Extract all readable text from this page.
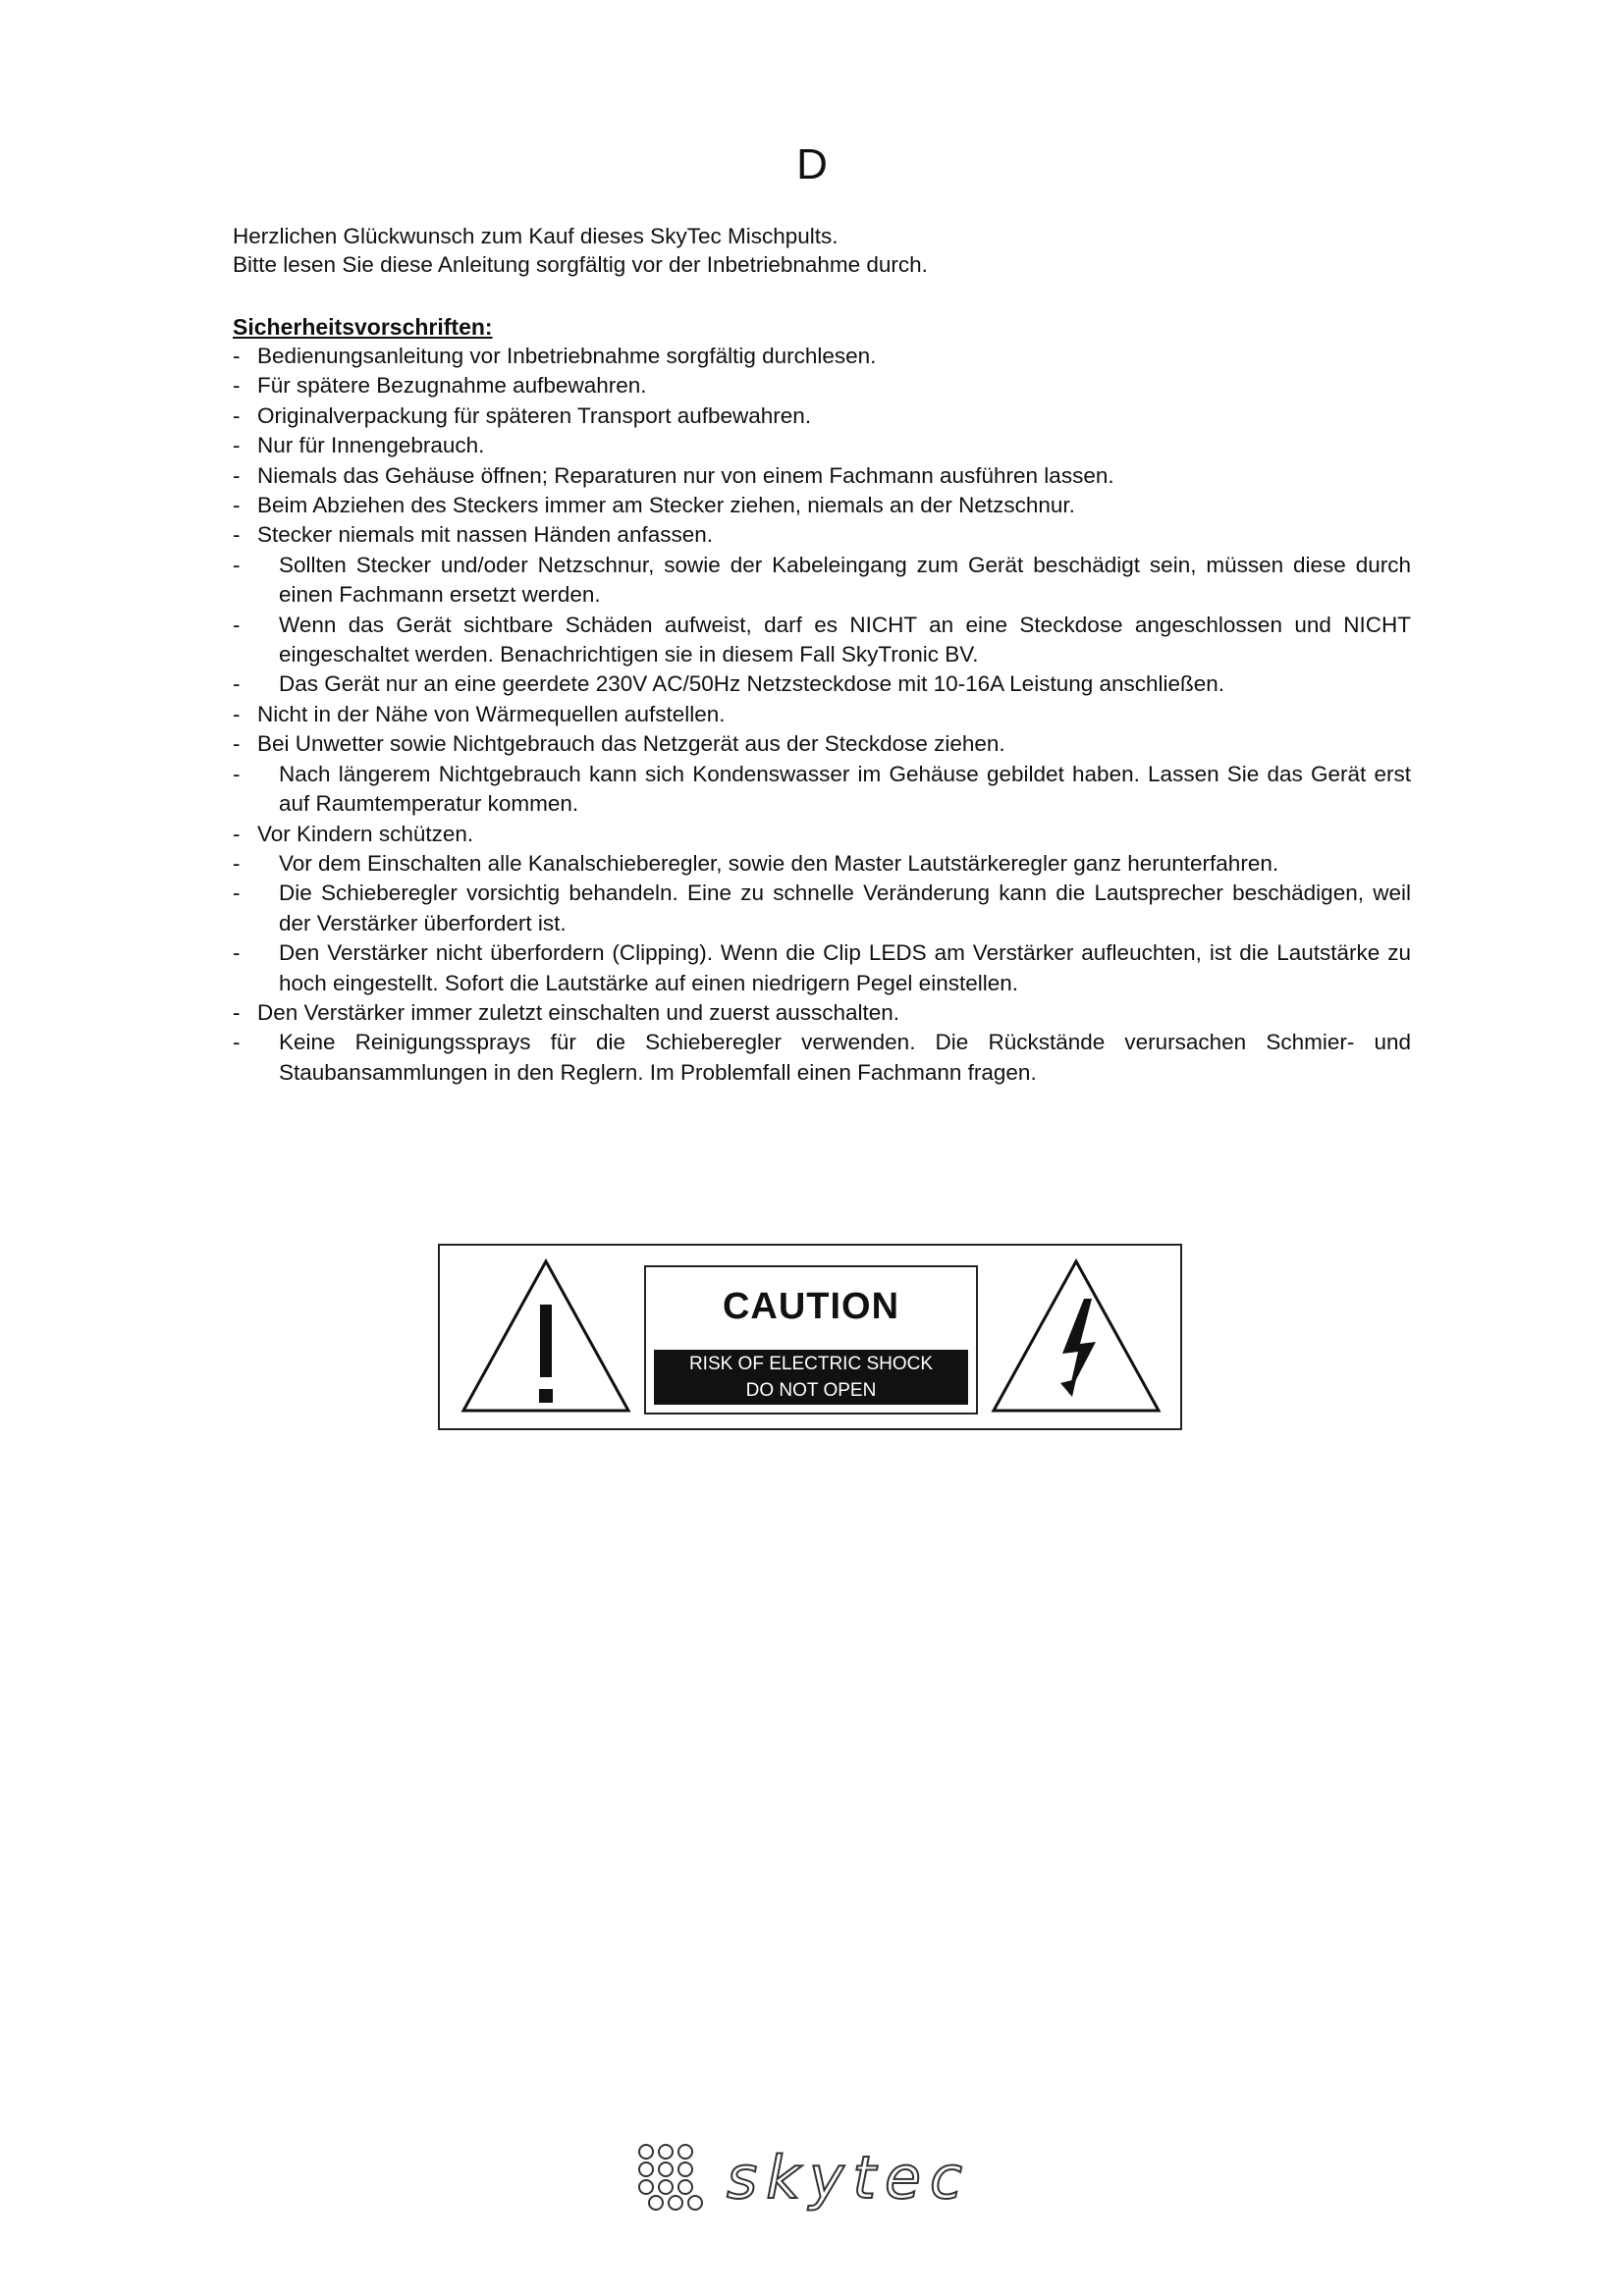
D

Herzlichen Glückwunsch zum Kauf dieses SkyTec Mischpults.

Bitte lesen Sie diese Anleitung sorgfältig vor der Inbetriebnahme durch.

Sicherheitsvorschriften:
- Bedienungsanleitung vor Inbetriebnahme sorgfältig durchlesen.
- Für spätere Bezugnahme aufbewahren.
- Originalverpackung für späteren Transport aufbewahren.
- Nur für Innengebrauch.
- Niemals das Gehäuse öffnen; Reparaturen nur von einem Fachmann ausführen lassen.
- Beim Abziehen des Steckers immer am Stecker ziehen, niemals an der Netzschnur.
- Stecker niemals mit nassen Händen anfassen.
-	Sollten Stecker und/oder Netzschnur, sowie der Kabeleingang zum Gerät beschädigt sein, müssen diese durch einen Fachmann ersetzt werden.
-	Wenn das Gerät sichtbare Schäden aufweist, darf es NICHT an eine Steckdose angeschlossen und NICHT eingeschaltet werden. Benachrichtigen sie in diesem Fall SkyTronic BV.
-	Das Gerät nur an eine geerdete 230V AC/50Hz Netzsteckdose mit 10-16A Leistung anschließen.
- Nicht in der Nähe von Wärmequellen aufstellen.
- Bei Unwetter sowie Nichtgebrauch das Netzgerät aus der Steckdose ziehen.
-	Nach längerem Nichtgebrauch kann sich Kondenswasser im Gehäuse gebildet haben. Lassen Sie das Gerät erst auf Raumtemperatur kommen.
- Vor Kindern schützen.
-	Vor dem Einschalten alle Kanalschieberegler, sowie den Master Lautstärkeregler ganz herunterfahren.
-	Die Schieberegler vorsichtig behandeln. Eine zu schnelle Veränderung kann die Lautsprecher beschädigen, weil der Verstärker überfordert ist.
-	Den Verstärker nicht überfordern (Clipping). Wenn die Clip LEDS am Verstärker aufleuchten, ist die Lautstärke zu hoch eingestellt. Sofort die Lautstärke auf einen niedrigern Pegel einstellen.
- Den Verstärker immer zuletzt einschalten und zuerst ausschalten.
-	Keine Reinigungssprays für die Schieberegler verwenden. Die Rückstände verursachen Schmier- und Staubansammlungen in den Reglern. Im Problemfall einen Fachmann fragen.
CAUTION
RISK OF ELECTRIC SHOCK
DO NOT OPEN
skytec
